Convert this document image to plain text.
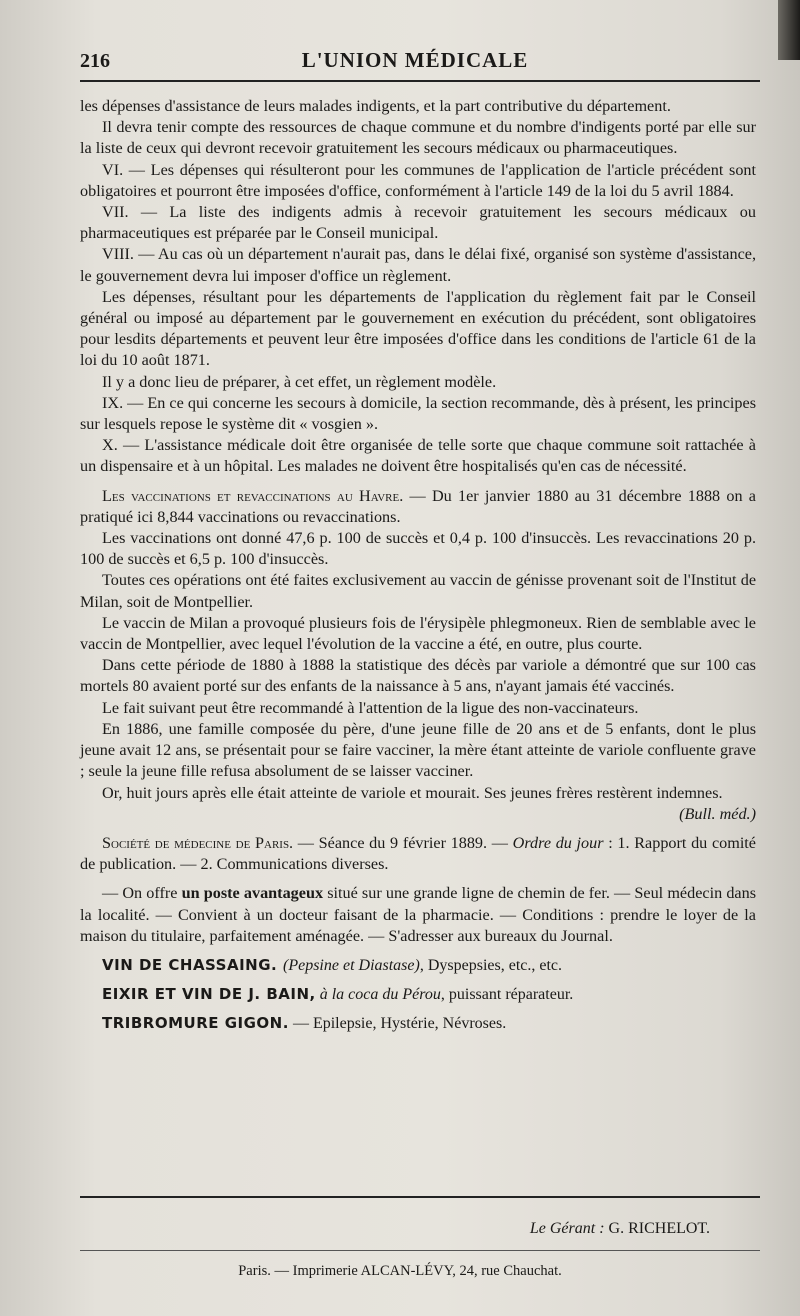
216	L'UNION MÉDICALE

les dépenses d'assistance de leurs malades indigents, et la part contributive du département.

Il devra tenir compte des ressources de chaque commune et du nombre d'indigents porté par elle sur la liste de ceux qui devront recevoir gratuitement les secours médicaux ou pharmaceutiques.

VI. — Les dépenses qui résulteront pour les communes de l'application de l'article précédent sont obligatoires et pourront être imposées d'office, conformément à l'article 149 de la loi du 5 avril 1884.

VII. — La liste des indigents admis à recevoir gratuitement les secours médicaux ou pharmaceutiques est préparée par le Conseil municipal.

VIII. — Au cas où un département n'aurait pas, dans le délai fixé, organisé son système d'assistance, le gouvernement devra lui imposer d'office un règlement.

Les dépenses, résultant pour les départements de l'application du règlement fait par le Conseil général ou imposé au département par le gouvernement en exécution du précédent, sont obligatoires pour lesdits départements et peuvent leur être imposées d'office dans les conditions de l'article 61 de la loi du 10 août 1871.

Il y a donc lieu de préparer, à cet effet, un règlement modèle.

IX. — En ce qui concerne les secours à domicile, la section recommande, dès à présent, les principes sur lesquels repose le système dit « vosgien ».

X. — L'assistance médicale doit être organisée de telle sorte que chaque commune soit rattachée à un dispensaire et à un hôpital. Les malades ne doivent être hospitalisés qu'en cas de nécessité.

Les vaccinations et revaccinations au Havre. — Du 1er janvier 1880 au 31 décembre 1888 on a pratiqué ici 8,844 vaccinations ou revaccinations.

Les vaccinations ont donné 47,6 p. 100 de succès et 0,4 p. 100 d'insuccès. Les revaccinations 20 p. 100 de succès et 6,5 p. 100 d'insuccès.

Toutes ces opérations ont été faites exclusivement au vaccin de génisse provenant soit de l'Institut de Milan, soit de Montpellier.

Le vaccin de Milan a provoqué plusieurs fois de l'érysipèle phlegmoneux. Rien de semblable avec le vaccin de Montpellier, avec lequel l'évolution de la vaccine a été, en outre, plus courte.

Dans cette période de 1880 à 1888 la statistique des décès par variole a démontré que sur 100 cas mortels 80 avaient porté sur des enfants de la naissance à 5 ans, n'ayant jamais été vaccinés.

Le fait suivant peut être recommandé à l'attention de la ligue des non-vaccinateurs.

En 1886, une famille composée du père, d'une jeune fille de 20 ans et de 5 enfants, dont le plus jeune avait 12 ans, se présentait pour se faire vacciner, la mère étant atteinte de variole confluente grave ; seule la jeune fille refusa absolument de se laisser vacciner.

Or, huit jours après elle était atteinte de variole et mourait. Ses jeunes frères restèrent indemnes.

(Bull. méd.)

Société de médecine de Paris. — Séance du 9 février 1889. — Ordre du jour : 1. Rapport du comité de publication. — 2. Communications diverses.

— On offre un poste avantageux situé sur une grande ligne de chemin de fer. — Seul médecin dans la localité. — Convient à un docteur faisant de la pharmacie. — Conditions : prendre le loyer de la maison du titulaire, parfaitement aménagée. — S'adresser aux bureaux du Journal.

VIN DE CHASSAING. (Pepsine et Diastase), Dyspepsies, etc., etc.

EIXIR ET VIN DE J. BAIN, à la coca du Pérou, puissant réparateur.

TRIBROMURE GIGON. — Epilepsie, Hystérie, Névroses.

Le Gérant : G. RICHELOT.
Paris. — Imprimerie ALCAN-LÉVY, 24, rue Chauchat.
